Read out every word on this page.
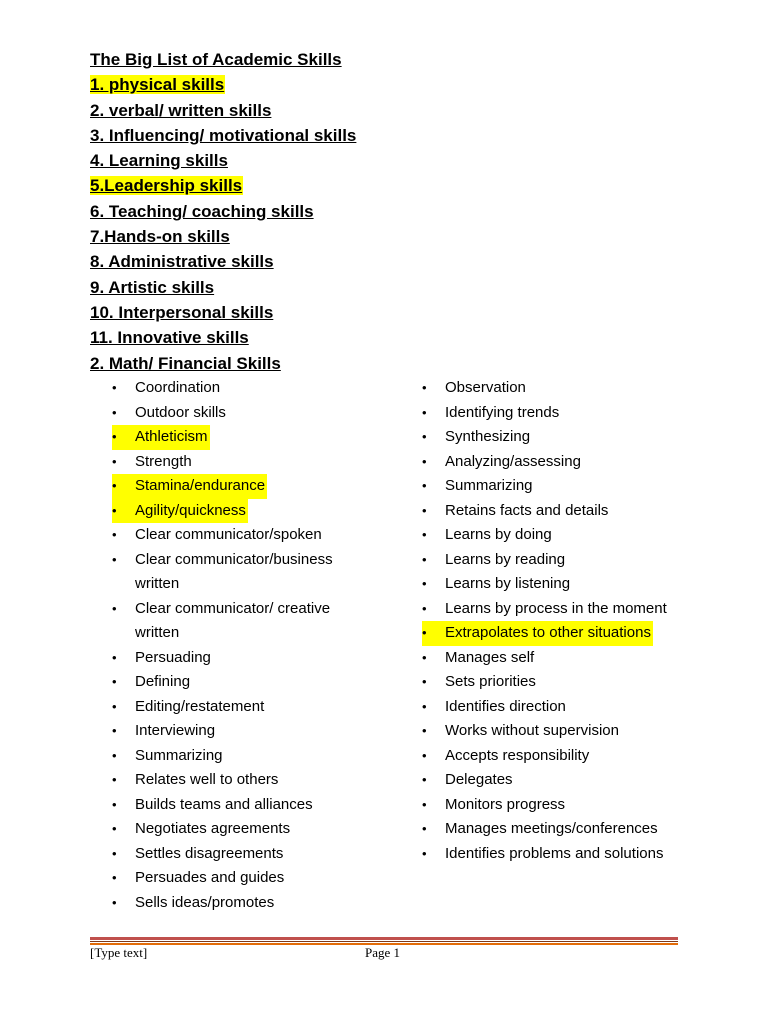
The Big List of Academic Skills
1. physical skills
2. verbal/ written skills
3. Influencing/ motivational skills
4. Learning skills
5.Leadership skills
6. Teaching/ coaching skills
7.Hands-on skills
8. Administrative skills
9. Artistic skills
10. Interpersonal skills
11. Innovative skills
2. Math/ Financial Skills
• Coordination
• Outdoor skills
• Athleticism
• Strength
• Stamina/endurance
• Agility/quickness
• Clear communicator/spoken
• Clear communicator/business written
• Clear communicator/ creative written
• Persuading
• Defining
• Editing/restatement
• Interviewing
• Summarizing
• Relates well to others
• Builds teams and alliances
• Negotiates agreements
• Settles disagreements
• Persuades and guides
• Sells ideas/promotes
• Observation
• Identifying trends
• Synthesizing
• Analyzing/assessing
• Summarizing
• Retains facts and details
• Learns by doing
• Learns by reading
• Learns by listening
• Learns by process in the moment
• Extrapolates to other situations
• Manages self
• Sets priorities
• Identifies direction
• Works without supervision
• Accepts responsibility
• Delegates
• Monitors progress
• Manages meetings/conferences
• Identifies problems and solutions
[Type text]	Page 1
